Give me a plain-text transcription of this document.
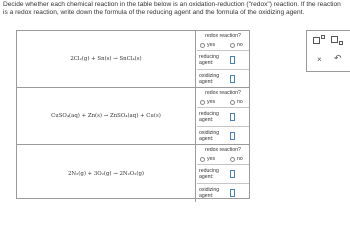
Decide whether each chemical reaction in the table below is an oxidation-reduction ("redox") reaction. If the reaction is a redox reaction, write down the formula of the reducing agent and the formula of the oxidizing agent.
2Cl₂(g) + Sn(s) → SnCl₄(s)
redox reaction?
yes	no
reducing agent:
oxidizing agent:
CuSO₄(aq) + Zn(s) → ZnSO₄(aq) + Cu(s)
redox reaction?
yes	no
reducing agent:
oxidizing agent:
2N₂(g) + 3O₂(g) → 2N₂O₃(g)
redox reaction?
yes	no
reducing agent:
oxidizing agent:
× ↶
